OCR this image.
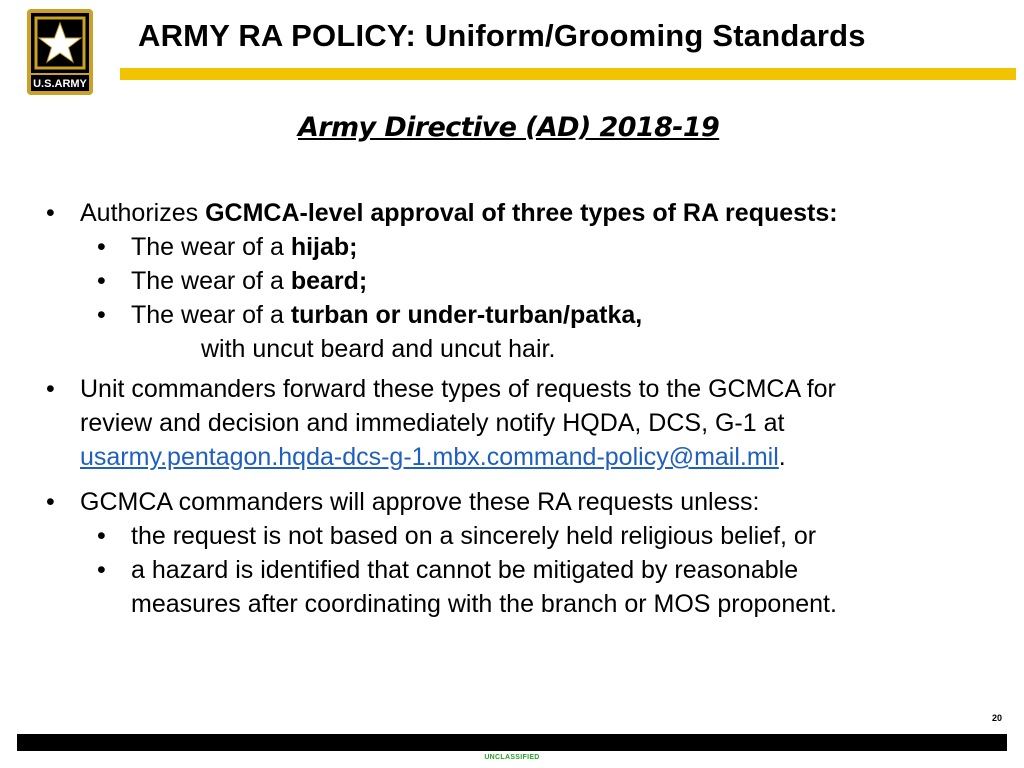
U.S.ARMY
ARMY RA POLICY: Uniform/Grooming Standards
Army Directive (AD) 2018-19
• Authorizes GCMCA-level approval of three types of RA requests:
• The wear of a hijab;
• The wear of a beard;
• The wear of a turban or under-turban/patka,
with uncut beard and uncut hair.
• Unit commanders forward these types of requests to the GCMCA for
review and decision and immediately notify HQDA, DCS, G-1 at
usarmy.pentagon.hqda-dcs-g-1.mbx.command-policy@mail.mil.
• GCMCA commanders will approve these RA requests unless:
• the request is not based on a sincerely held religious belief, or
• a hazard is identified that cannot be mitigated by reasonable
measures after coordinating with the branch or MOS proponent.
20
UNCLASSIFIED
